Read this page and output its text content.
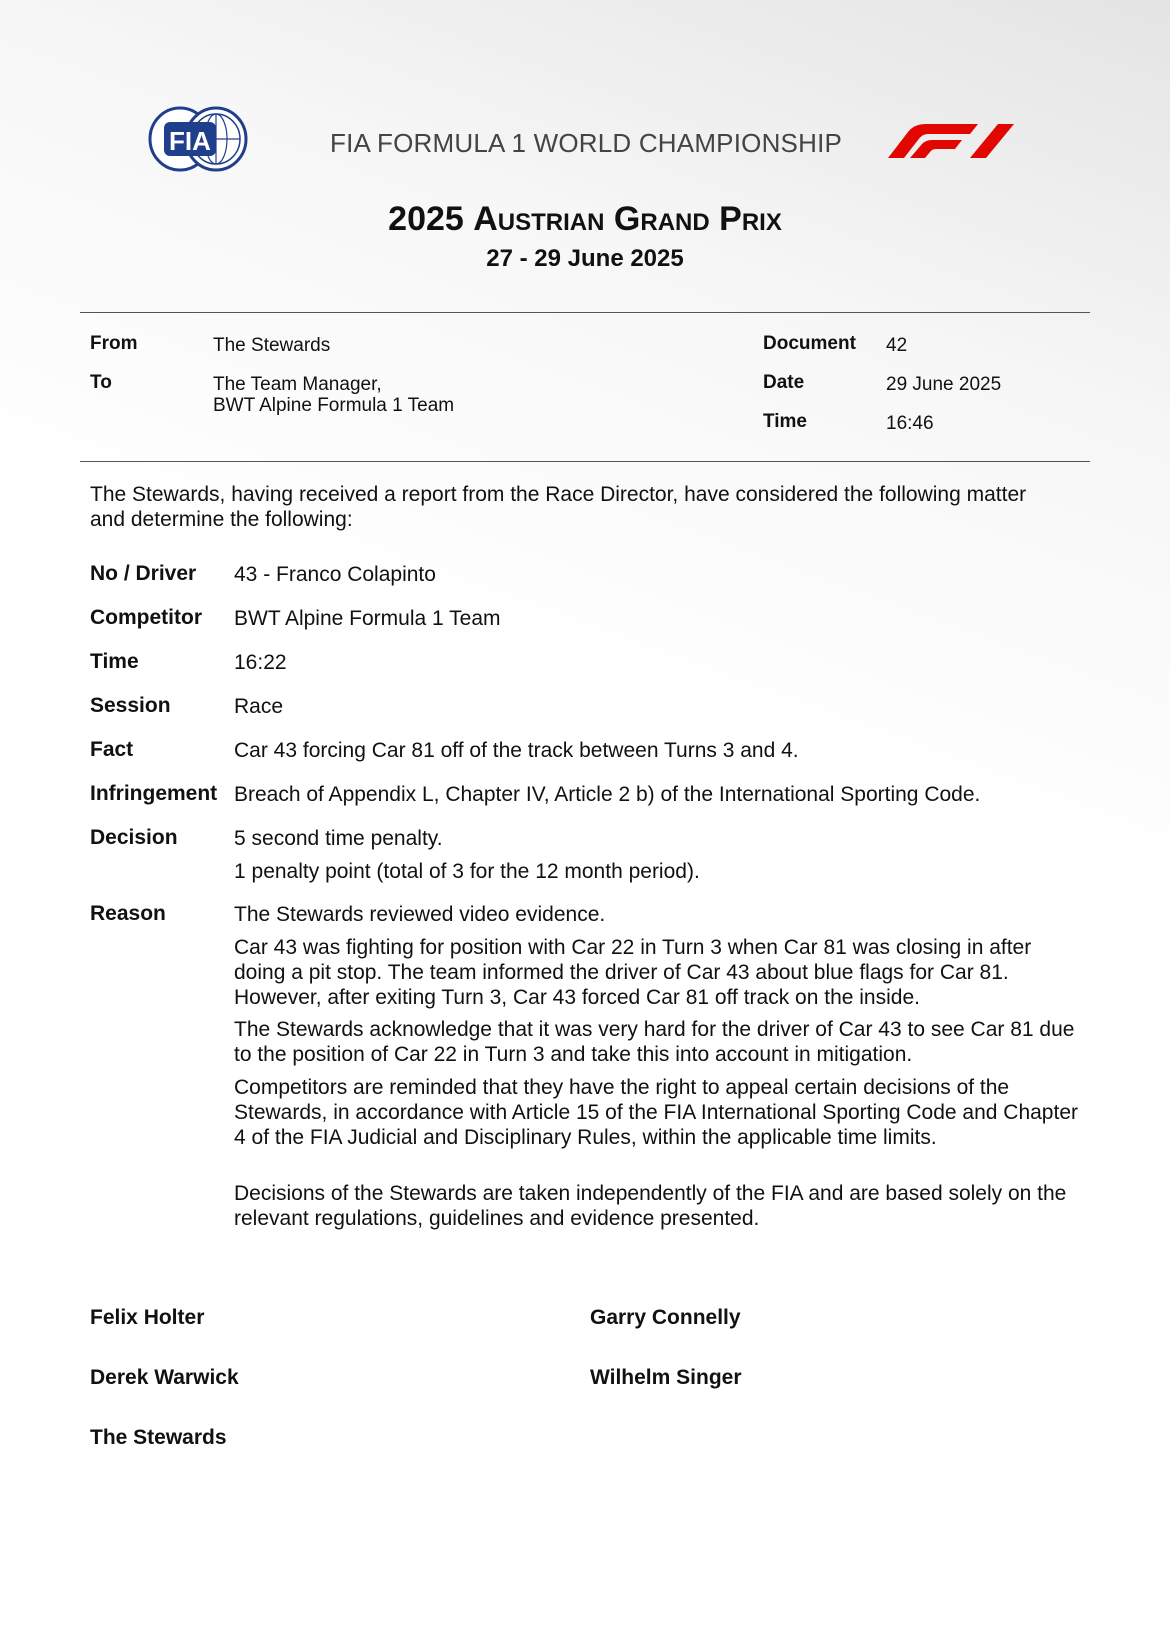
FIA	FIA FORMULA 1 WORLD CHAMPIONSHIP
2025 Austrian Grand Prix
27 - 29 June 2025
From	The Stewards
To	The Team Manager,
BWT Alpine Formula 1 Team
Document 42
Date	29 June 2025
Time	16:46
The Stewards, having received a report from the Race Director, have considered the following matter and determine the following:
No / Driver 43 - Franco Colapinto
Competitor BWT Alpine Formula 1 Team
Time	16:22
Session	Race
Fact	Car 43 forcing Car 81 off of the track between Turns 3 and 4.
Infringement Breach of Appendix L, Chapter IV, Article 2 b) of the International Sporting Code.
Decision	5 second time penalty.
1 penalty point (total of 3 for the 12 month period).
Reason	The Stewards reviewed video evidence.
Car 43 was fighting for position with Car 22 in Turn 3 when Car 81 was closing in after doing a pit stop. The team informed the driver of Car 43 about blue flags for Car 81. However, after exiting Turn 3, Car 43 forced Car 81 off track on the inside.
The Stewards acknowledge that it was very hard for the driver of Car 43 to see Car 81 due to the position of Car 22 in Turn 3 and take this into account in mitigation.
Competitors are reminded that they have the right to appeal certain decisions of the Stewards, in accordance with Article 15 of the FIA International Sporting Code and Chapter 4 of the FIA Judicial and Disciplinary Rules, within the applicable time limits.
Decisions of the Stewards are taken independently of the FIA and are based solely on the relevant regulations, guidelines and evidence presented.
Felix Holter	Garry Connelly
Derek Warwick	Wilhelm Singer
The Stewards
